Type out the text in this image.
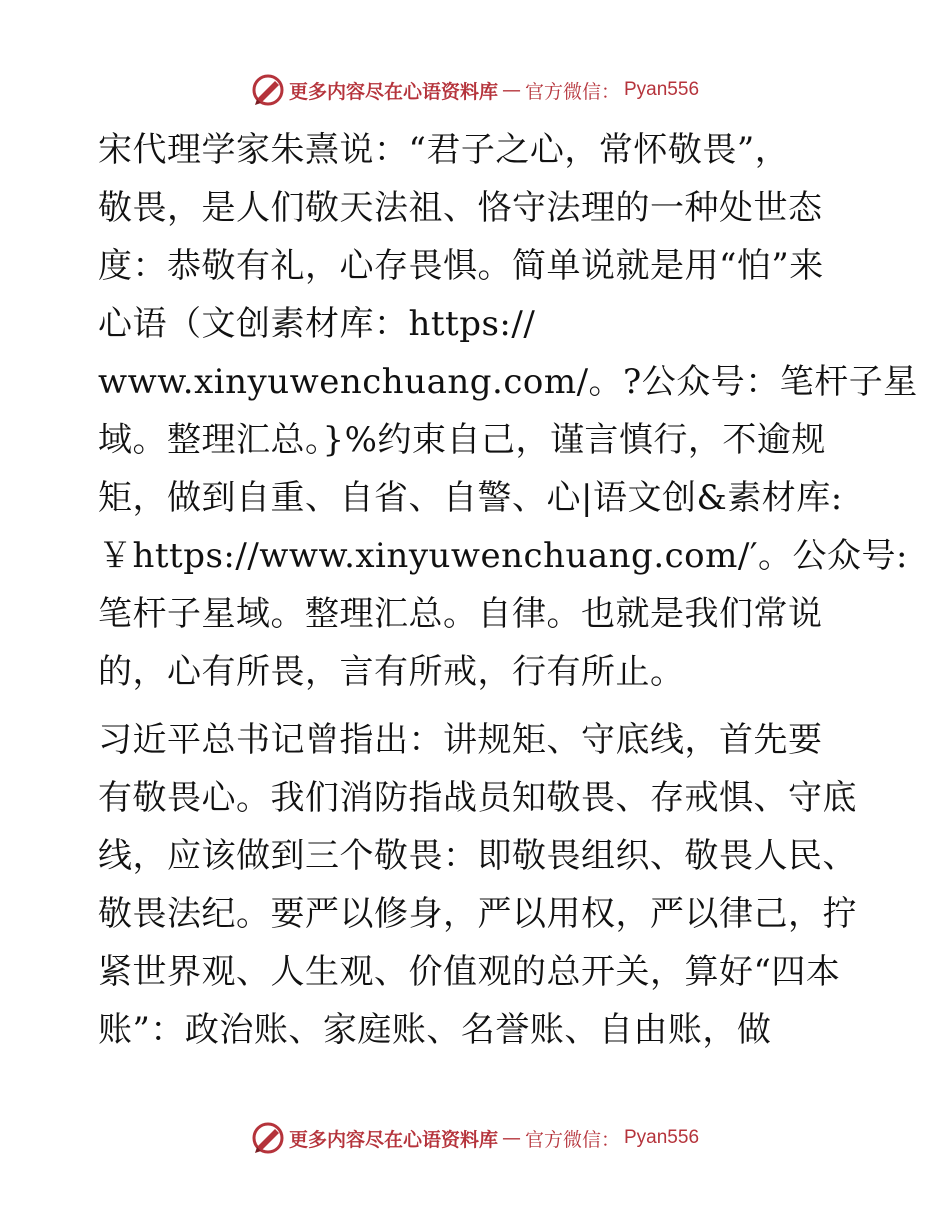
更多内容尽在心语资料库 — 官方微信： Pyan556
宋代理学家朱熹说：“君子之心，常怀敬畏”，
敬畏，是人们敬天法祖、恪守法理的一种处世态
度：恭敬有礼，心存畏惧。简单说就是用“怕”来
心语（文创素材库：https://
www.xinyuwenchuang.com/。?公众号：笔杆子星
域。整理汇总。}%约束自己，谨言慎行，不逾规
矩，做到自重、自省、自警、心|语文创&素材库:
￥https://www.xinyuwenchuang.com/′。公众号:
笔杆子星域。整理汇总。自律。也就是我们常说
的，心有所畏，言有所戒，行有所止。
习近平总书记曾指出：讲规矩、守底线，首先要
有敬畏心。我们消防指战员知敬畏、存戒惧、守底
线，应该做到三个敬畏：即敬畏组织、敬畏人民、
敬畏法纪。要严以修身，严以用权，严以律己，拧
紧世界观、人生观、价值观的总开关，算好“四本
账”：政治账、家庭账、名誉账、自由账，做
更多内容尽在心语资料库 — 官方微信： Pyan556
